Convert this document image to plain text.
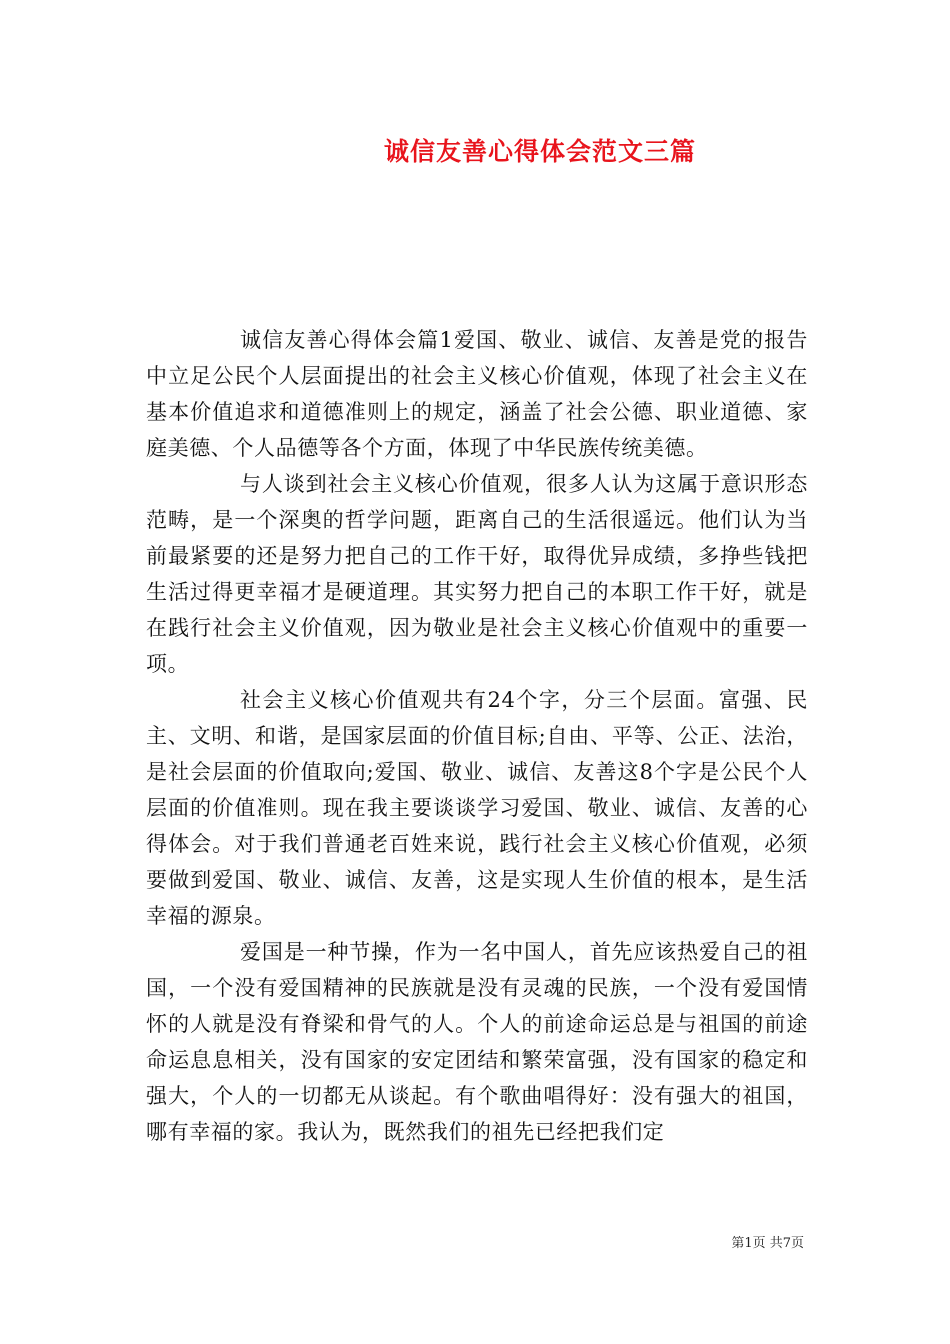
诚信友善心得体会范文三篇

诚信友善心得体会篇1爱国、敬业、诚信、友善是党的报告中立足公民个人层面提出的社会主义核心价值观，体现了社会主义在基本价值追求和道德准则上的规定，涵盖了社会公德、职业道德、家庭美德、个人品德等各个方面，体现了中华民族传统美德。

与人谈到社会主义核心价值观，很多人认为这属于意识形态范畴，是一个深奥的哲学问题，距离自己的生活很遥远。他们认为当前最紧要的还是努力把自己的工作干好，取得优异成绩，多挣些钱把生活过得更幸福才是硬道理。其实努力把自己的本职工作干好，就是在践行社会主义价值观，因为敬业是社会主义核心价值观中的重要一项。

社会主义核心价值观共有24个字，分三个层面。富强、民主、文明、和谐，是国家层面的价值目标;自由、平等、公正、法治，是社会层面的价值取向;爱国、敬业、诚信、友善这8个字是公民个人层面的价值准则。现在我主要谈谈学习爱国、敬业、诚信、友善的心得体会。对于我们普通老百姓来说，践行社会主义核心价值观，必须要做到爱国、敬业、诚信、友善，这是实现人生价值的根本，是生活幸福的源泉。

爱国是一种节操，作为一名中国人，首先应该热爱自己的祖国，一个没有爱国精神的民族就是没有灵魂的民族，一个没有爱国情怀的人就是没有脊梁和骨气的人。个人的前途命运总是与祖国的前途命运息息相关，没有国家的安定团结和繁荣富强，没有国家的稳定和强大，个人的一切都无从谈起。有个歌曲唱得好：没有强大的祖国，哪有幸福的家。我认为，既然我们的祖先已经把我们定

第1页 共7页
